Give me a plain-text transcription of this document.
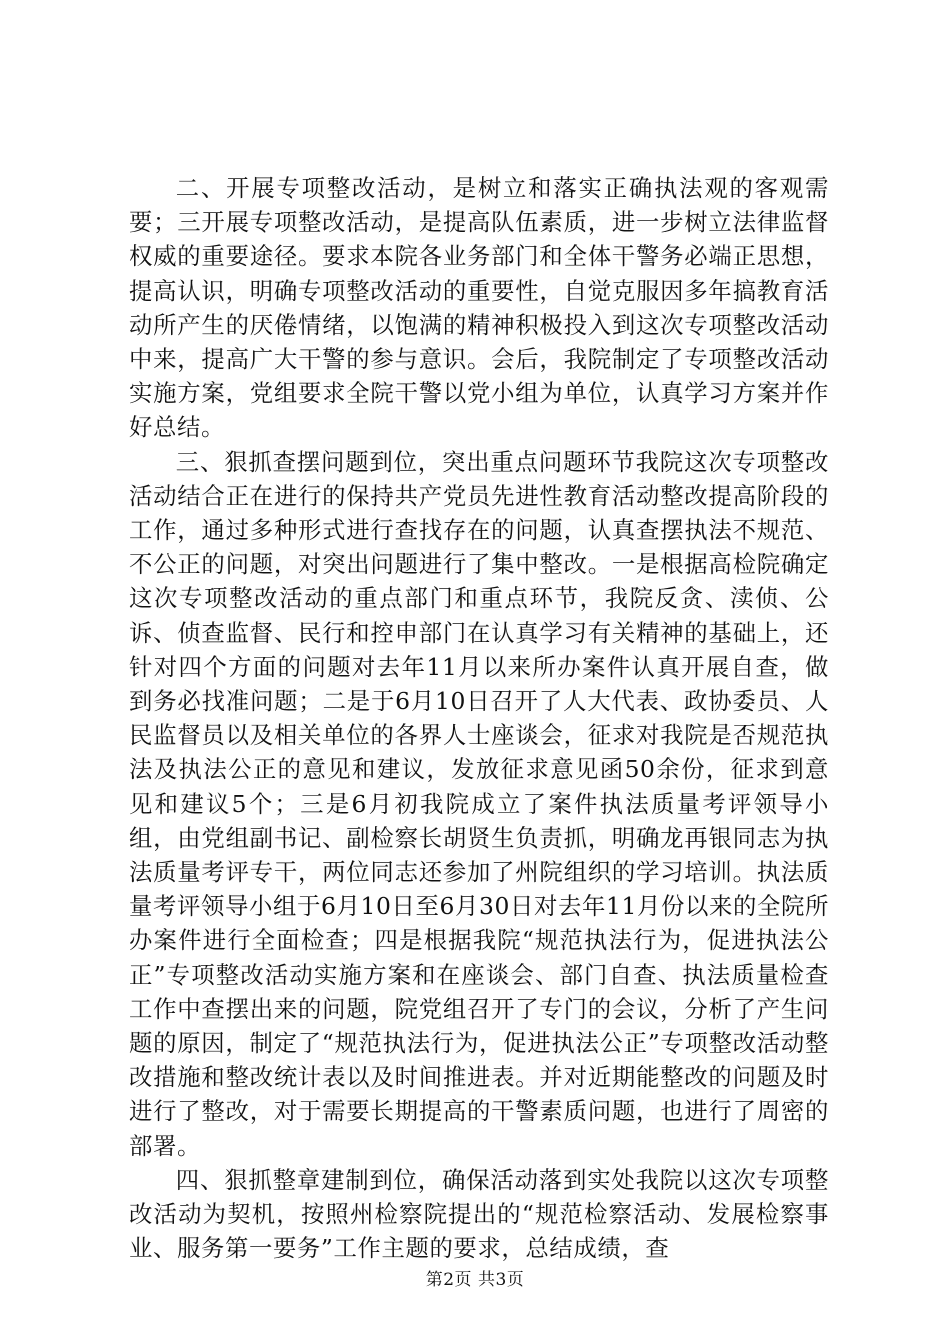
二、开展专项整改活动，是树立和落实正确执法观的客观需要；三开展专项整改活动，是提高队伍素质，进一步树立法律监督权威的重要途径。要求本院各业务部门和全体干警务必端正思想，提高认识，明确专项整改活动的重要性，自觉克服因多年搞教育活动所产生的厌倦情绪，以饱满的精神积极投入到这次专项整改活动中来，提高广大干警的参与意识。会后，我院制定了专项整改活动实施方案，党组要求全院干警以党小组为单位，认真学习方案并作好总结。

三、狠抓查摆问题到位，突出重点问题环节我院这次专项整改活动结合正在进行的保持共产党员先进性教育活动整改提高阶段的工作，通过多种形式进行查找存在的问题，认真查摆执法不规范、不公正的问题，对突出问题进行了集中整改。一是根据高检院确定这次专项整改活动的重点部门和重点环节，我院反贪、渎侦、公诉、侦查监督、民行和控申部门在认真学习有关精神的基础上，还针对四个方面的问题对去年11月以来所办案件认真开展自查，做到务必找准问题；二是于6月10日召开了人大代表、政协委员、人民监督员以及相关单位的各界人士座谈会，征求对我院是否规范执法及执法公正的意见和建议，发放征求意见函50余份，征求到意见和建议5个；三是6月初我院成立了案件执法质量考评领导小组，由党组副书记、副检察长胡贤生负责抓，明确龙再银同志为执法质量考评专干，两位同志还参加了州院组织的学习培训。执法质量考评领导小组于6月10日至6月30日对去年11月份以来的全院所办案件进行全面检查；四是根据我院“规范执法行为，促进执法公正”专项整改活动实施方案和在座谈会、部门自查、执法质量检查工作中查摆出来的问题，院党组召开了专门的会议，分析了产生问题的原因，制定了“规范执法行为，促进执法公正”专项整改活动整改措施和整改统计表以及时间推进表。并对近期能整改的问题及时进行了整改，对于需要长期提高的干警素质问题，也进行了周密的部署。

四、狠抓整章建制到位，确保活动落到实处我院以这次专项整改活动为契机，按照州检察院提出的“规范检察活动、发展检察事业、服务第一要务”工作主题的要求，总结成绩，查

第2页 共3页
